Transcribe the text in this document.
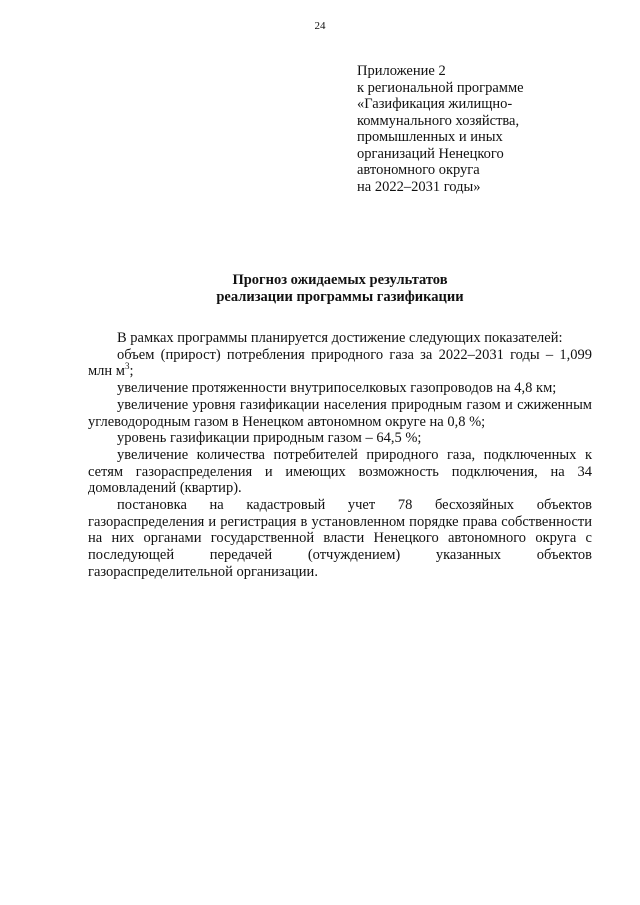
24
Приложение 2
к региональной программе
«Газификация жилищно-
коммунального хозяйства,
промышленных и иных
организаций Ненецкого
автономного округа
на 2022–2031 годы»
Прогноз ожидаемых результатов
реализации программы газификации

В рамках программы планируется достижение следующих показателей:

объем (прирост) потребления природного газа за 2022–2031 годы – 1,099 млн $м^3$;

увеличение протяженности внутрипоселковых газопроводов на 4,8 км;

увеличение уровня газификации населения природным газом и сжиженным углеводородным газом в Ненецком автономном округе на 0,8 %;

уровень газификации природным газом – 64,5 %;

увеличение количества потребителей природного газа, подключенных к сетям газораспределения и имеющих возможность подключения, на 34 домовладений (квартир).

постановка на кадастровый учет 78 бесхозяйных объектов газораспределения и регистрация в установленном порядке права собственности на них органами государственной власти Ненецкого автономного округа с последующей передачей (отчуждением) указанных объектов газораспределительной организации.
